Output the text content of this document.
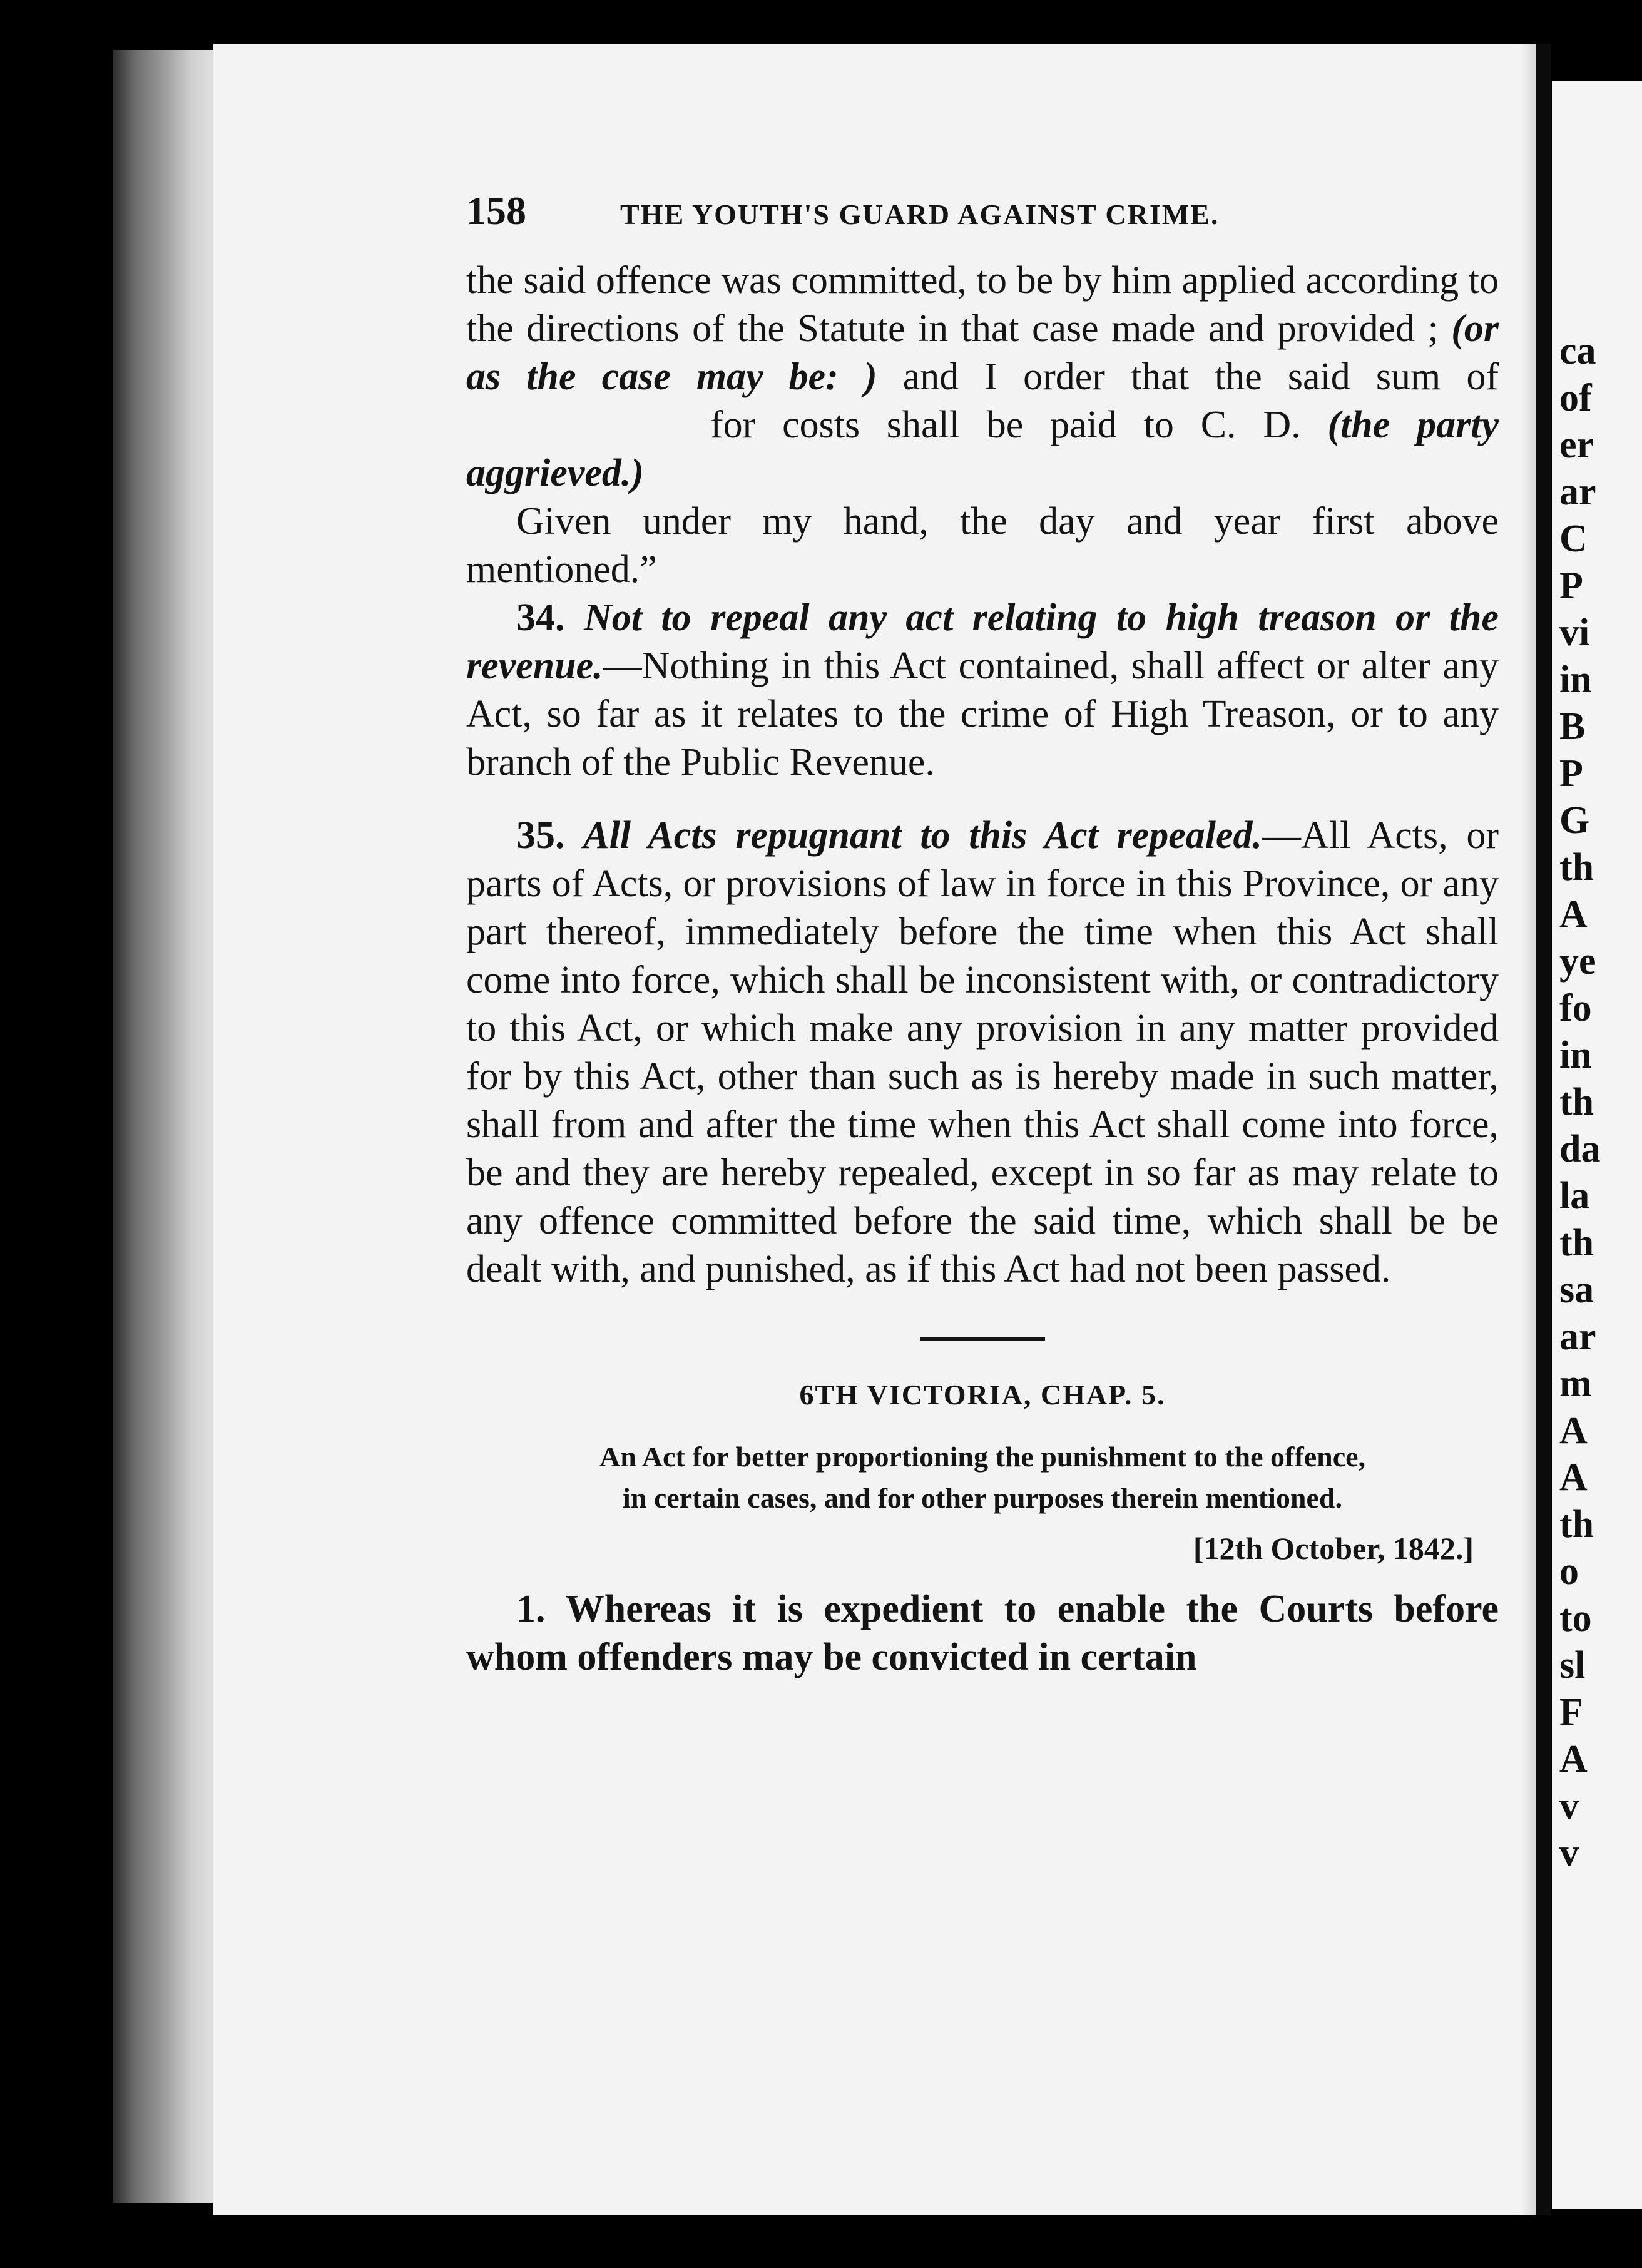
ca
of
er
ar
C
P
vi
in
B
P
G
th
A
ye
fo
in
th
da
la
th
sa
ar
m
A
A
th
o
to
sl
F
A
v
v
158	THE YOUTH'S GUARD AGAINST CRIME.

the said offence was committed, to be by him applied according to the directions of the Statute in that case made and provided ; (or as the case may be: ) and I order that the said sum offor costs shall be paid to C. D. (the party aggrieved.)

Given under my hand, the day and year first above mentioned.”

34. Not to repeal any act relating to high treason or the revenue.—Nothing in this Act contained, shall affect or alter any Act, so far as it relates to the crime of High Treason, or to any branch of the Public Revenue.

35. All Acts repugnant to this Act repealed.—All Acts, or parts of Acts, or provisions of law in force in this Province, or any part thereof, immediately before the time when this Act shall come into force, which shall be inconsistent with, or contradictory to this Act, or which make any provision in any matter provided for by this Act, other than such as is hereby made in such matter, shall from and after the time when this Act shall come into force, be and they are hereby repealed, except in so far as may relate to any offence committed before the said time, which shall be be dealt with, and punished, as if this Act had not been passed.

6TH VICTORIA, CHAP. 5.
An Act for better proportioning the punishment to the offence,
in certain cases, and for other purposes therein mentioned.
[12th October, 1842.]

1. Whereas it is expedient to enable the Courts before whom offenders may be convicted in certain
